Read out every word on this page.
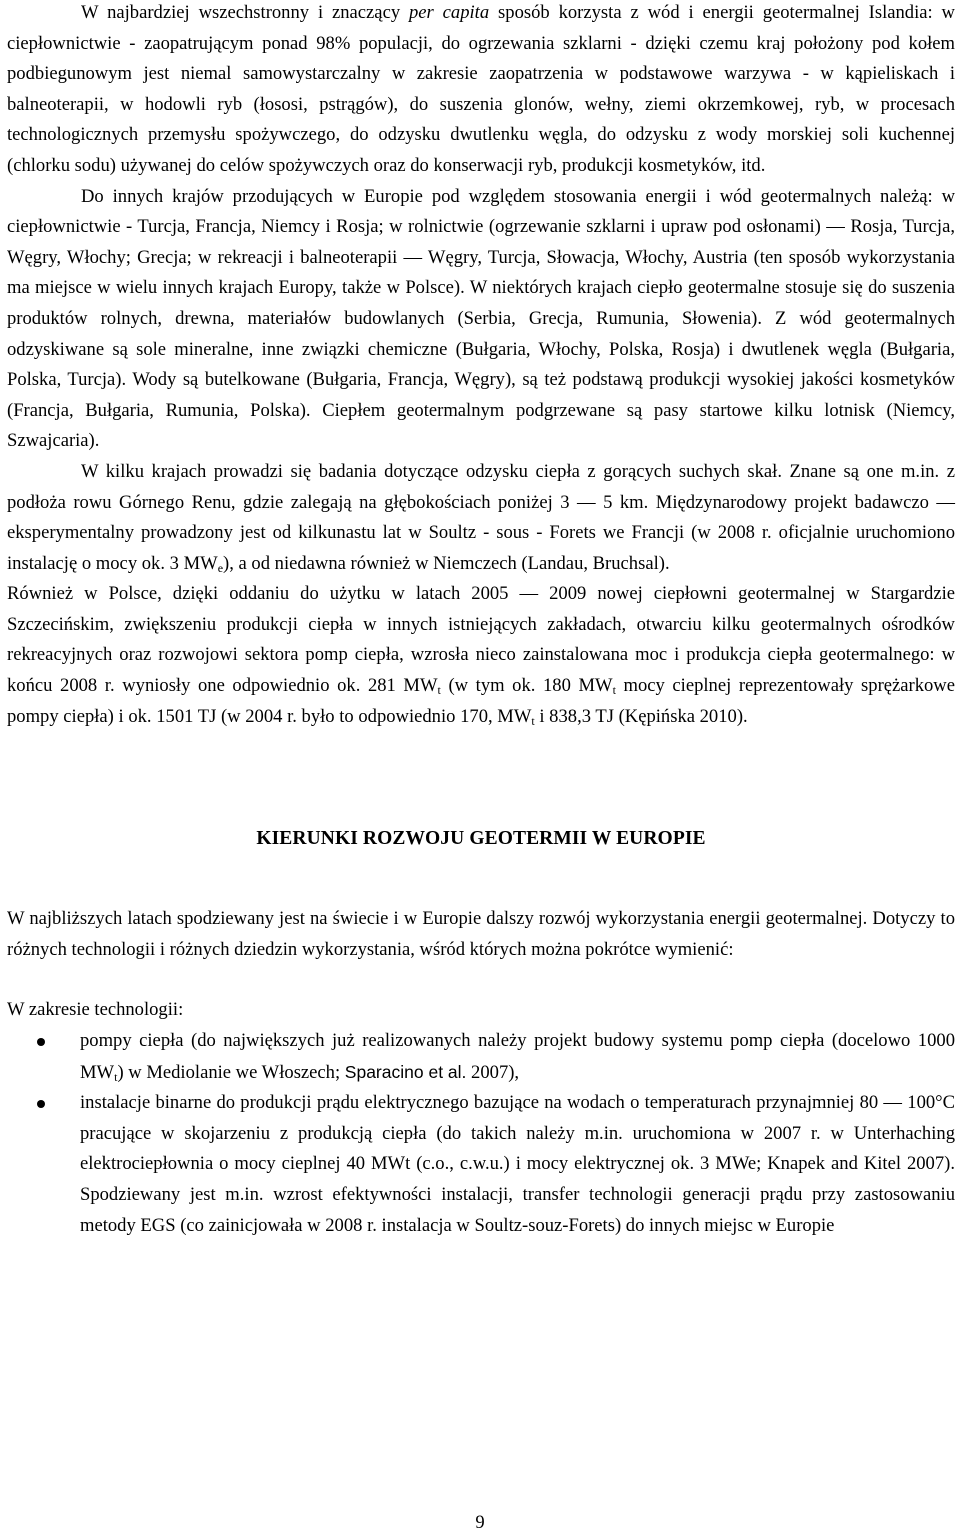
W najbardziej wszechstronny i znaczący per capita sposób korzysta z wód i energii geotermalnej Islandia: w ciepłownictwie - zaopatrującym ponad 98% populacji, do ogrzewania szklarni - dzięki czemu kraj położony pod kołem podbiegunowym jest niemal samowystarczalny w zakresie zaopatrzenia w podstawowe warzywa - w kąpieliskach i balneoterapii, w hodowli ryb (łososi, pstrągów), do suszenia glonów, wełny, ziemi okrzemkowej, ryb, w procesach technologicznych przemysłu spożywczego, do odzysku dwutlenku węgla, do odzysku z wody morskiej soli kuchennej (chlorku sodu) używanej do celów spożywczych oraz do konserwacji ryb, produkcji kosmetyków, itd.

Do innych krajów przodujących w Europie pod względem stosowania energii i wód geotermalnych należą: w ciepłownictwie - Turcja, Francja, Niemcy i Rosja; w rolnictwie (ogrzewanie szklarni i upraw pod osłonami) ― Rosja, Turcja, Węgry, Włochy; Grecja; w rekreacji i balneoterapii ― Węgry, Turcja, Słowacja, Włochy, Austria (ten sposób wykorzystania ma miejsce w wielu innych krajach Europy, także w Polsce). W niektórych krajach ciepło geotermalne stosuje się do suszenia produktów rolnych, drewna, materiałów budowlanych (Serbia, Grecja, Rumunia, Słowenia). Z wód geotermalnych odzyskiwane są sole mineralne, inne związki chemiczne (Bułgaria, Włochy, Polska, Rosja) i dwutlenek węgla (Bułgaria, Polska, Turcja). Wody są butelkowane (Bułgaria, Francja, Węgry), są też podstawą produkcji wysokiej jakości kosmetyków (Francja, Bułgaria, Rumunia, Polska). Ciepłem geotermalnym podgrzewane są pasy startowe kilku lotnisk (Niemcy, Szwajcaria).

W kilku krajach prowadzi się badania dotyczące odzysku ciepła z gorących suchych skał. Znane są one m.in. z podłoża rowu Górnego Renu, gdzie zalegają na głębokościach poniżej 3 ― 5 km. Międzynarodowy projekt badawczo ― eksperymentalny prowadzony jest od kilkunastu lat w Soultz - sous - Forets we Francji (w 2008 r. oficjalnie uruchomiono instalację o mocy ok. 3 $MW_e$), a od niedawna również w Niemczech (Landau, Bruchsal).

Również w Polsce, dzięki oddaniu do użytku w latach 2005 ― 2009 nowej ciepłowni geotermalnej w Stargardzie Szczecińskim, zwiększeniu produkcji ciepła w innych istniejących zakładach, otwarciu kilku geotermalnych ośrodków rekreacyjnych oraz rozwojowi sektora pomp ciepła, wzrosła nieco zainstalowana moc i produkcja ciepła geotermalnego: w końcu 2008 r. wyniosły one odpowiednio ok. 281 $MW_t$ (w tym ok. 180 $MW_t$ mocy cieplnej reprezentowały sprężarkowe pompy ciepła) i ok. 1501 TJ (w 2004 r. było to odpowiednio 170, $MW_t$ i 838,3 TJ (Kępińska 2010).

KIERUNKI ROZWOJU GEOTERMII W EUROPIE

W najbliższych latach spodziewany jest na świecie i w Europie dalszy rozwój wykorzystania energii geotermalnej. Dotyczy to różnych technologii i różnych dziedzin wykorzystania, wśród których można pokrótce wymienić:

W zakresie technologii:

pompy ciepła (do największych już realizowanych należy projekt budowy systemu pomp ciepła (docelowo 1000 $MW_t$) w Mediolanie we Włoszech; Sparacino et al. 2007),
instalacje binarne do produkcji prądu elektrycznego bazujące na wodach o temperaturach przynajmniej 80 ― 100°C pracujące w skojarzeniu z produkcją ciepła (do takich należy m.in. uruchomiona w 2007 r. w Unterhaching elektrociepłownia o mocy cieplnej 40 MWt (c.o., c.w.u.) i mocy elektrycznej ok. 3 MWe; Knapek and Kitel 2007). Spodziewany jest m.in. wzrost efektywności instalacji, transfer technologii generacji prądu przy zastosowaniu metody EGS (co zainicjowała w 2008 r. instalacja w Soultz-souz-Forets) do innych miejsc w Europie
9
